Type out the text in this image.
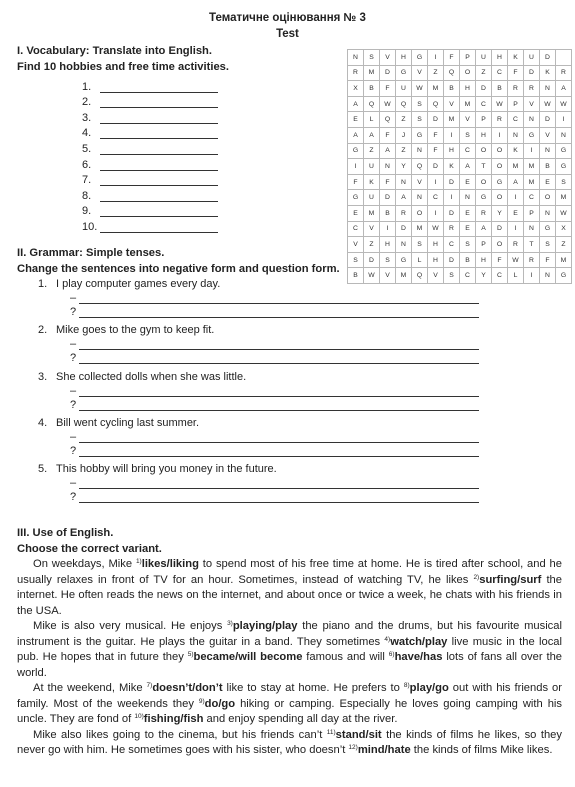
Тематичне оцінювання № 3
Test
I. Vocabulary: Translate into English.
Find 10 hobbies and free time activities.
1.
2.
3.
4.
5.
6.
7.
8.
9.
10.
N	S	V	H	G	I	F	P	U	H	K	U	D	
R	M	D	G	V	Z	Q	O	Z	C	F	D	K	R
X	B	F	U	W	M	B	H	D	B	R	R	N	A
A	Q	W	Q	S	Q	V	M	C	W	P	V	W	W
E	L	Q	Z	S	D	M	V	P	R	C	N	D	I
A	A	F	J	G	F	I	S	H	I	N	G	V	N
G	Z	A	Z	N	F	H	C	O	O	K	I	N	G
I	U	N	Y	Q	D	K	A	T	O	M	M	B	G
F	K	F	N	V	I	D	E	O	G	A	M	E	S
G	U	D	A	N	C	I	N	G	O	I	C	O	M
E	M	B	R	O	I	D	E	R	Y	E	P	N	W
C	V	I	D	M	W	R	E	A	D	I	N	G	X
V	Z	H	N	S	H	C	S	P	O	R	T	S	Z
S	D	S	G	L	H	D	B	H	F	W	R	F	M
B	W	V	M	Q	V	S	C	Y	C	L	I	N	G
II. Grammar: Simple tenses.
Change the sentences into negative form and question form.
1. I play computer games every day.
–
?
2. Mike goes to the gym to keep fit.
–
?
3. She collected dolls when she was little.
–
?
4. Bill went cycling last summer.
–
?
5. This hobby will bring you money in the future.
–
?
III. Use of English.
Choose the correct variant.

On weekdays, Mike $^{1)}$likes/liking to spend most of his free time at home. He is tired after school, and he usually relaxes in front of TV for an hour. Sometimes, instead of watching TV, he likes $^{2)}$surfing/surf the internet. He often reads the news on the internet, and about once or twice a week, he chats with his friends in the USA.

Mike is also very musical. He enjoys $^{3)}$playing/play the piano and the drums, but his favourite musical instrument is the guitar. He plays the guitar in a band. They sometimes $^{4)}$watch/play live music in the local pub. He hopes that in future they $^{5)}$became/will become famous and will $^{6)}$have/has lots of fans all over the world.

At the weekend, Mike $^{7)}$doesn’t/don’t like to stay at home. He prefers to $^{8)}$play/go out with his friends or family. Most of the weekends they $^{9)}$do/go hiking or camping. Especially he loves going camping with his uncle. They are fond of $^{10)}$fishing/fish and enjoy spending all day at the river.

Mike also likes going to the cinema, but his friends can’t $^{11)}$stand/sit the kinds of films he likes, so they never go with him. He sometimes goes with his sister, who doesn’t $^{12)}$mind/hate the kinds of films Mike likes.
